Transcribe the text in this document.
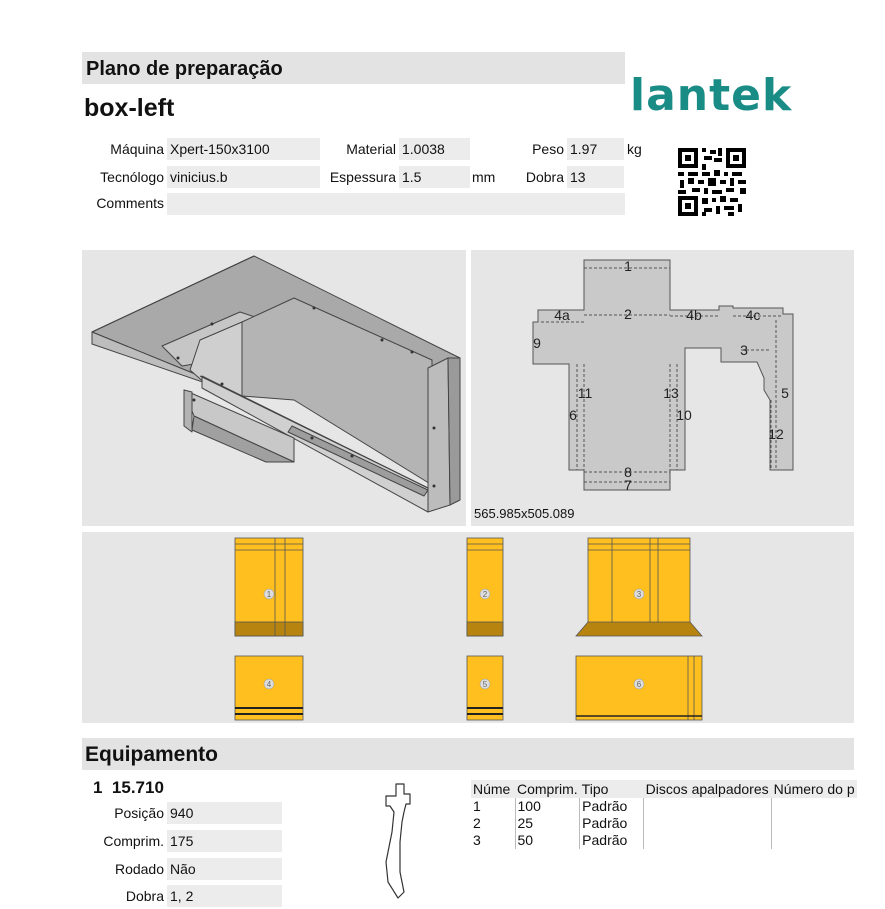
Plano de preparação
box-left	lantek
Máquina Xpert-150x3100	Material 1.0038	Peso 1.97	kg
Tecnólogo vinicius.b	Espessura 1.5	mm	Dobra 13
Comments
1
2
3
4a	4b	4c
5
6
7
8
9
10
11
12
13
565.985x505.089
1	2	3
4	5	6
Equipamento
1 15.710
Posição 940
Comprim. 175
Rodado Não
Dobra 1, 2
Núme	Comprim.	Tipo	Discos apalpadores	Número do p
1	100	Padrão		
2	25	Padrão		
3	50	Padrão		
